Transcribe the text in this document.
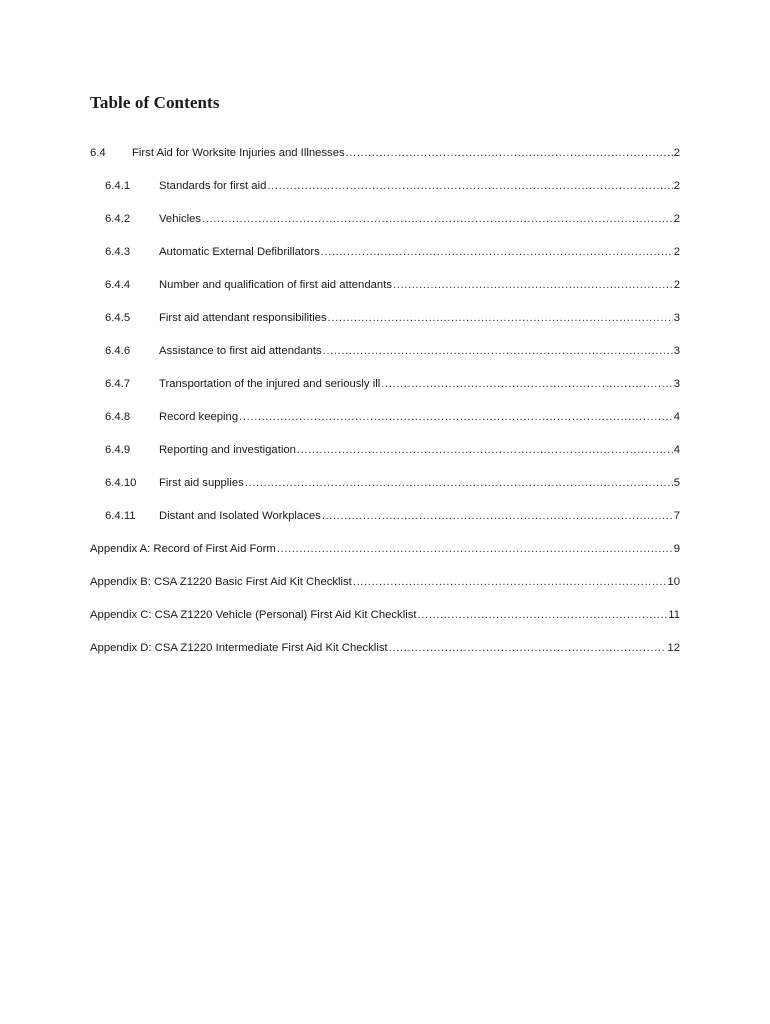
Table of Contents
6.4	First Aid for Worksite Injuries and Illnesses .....	2
6.4.1	Standards for first aid .....	2
6.4.2	Vehicles .....	2
6.4.3	Automatic External Defibrillators .....	2
6.4.4	Number and qualification of first aid attendants .....	2
6.4.5	First aid attendant responsibilities .....	3
6.4.6	Assistance to first aid attendants .....	3
6.4.7	Transportation of the injured and seriously ill .....	3
6.4.8	Record keeping .....	4
6.4.9	Reporting and investigation .....	4
6.4.10	First aid supplies .....	5
6.4.11	Distant and Isolated Workplaces .....	7
Appendix A: Record of First Aid Form .....	9
Appendix B: CSA Z1220 Basic First Aid Kit Checklist .....	10
Appendix C: CSA Z1220 Vehicle (Personal) First Aid Kit Checklist .....	11
Appendix D: CSA Z1220 Intermediate First Aid Kit Checklist .....	12
